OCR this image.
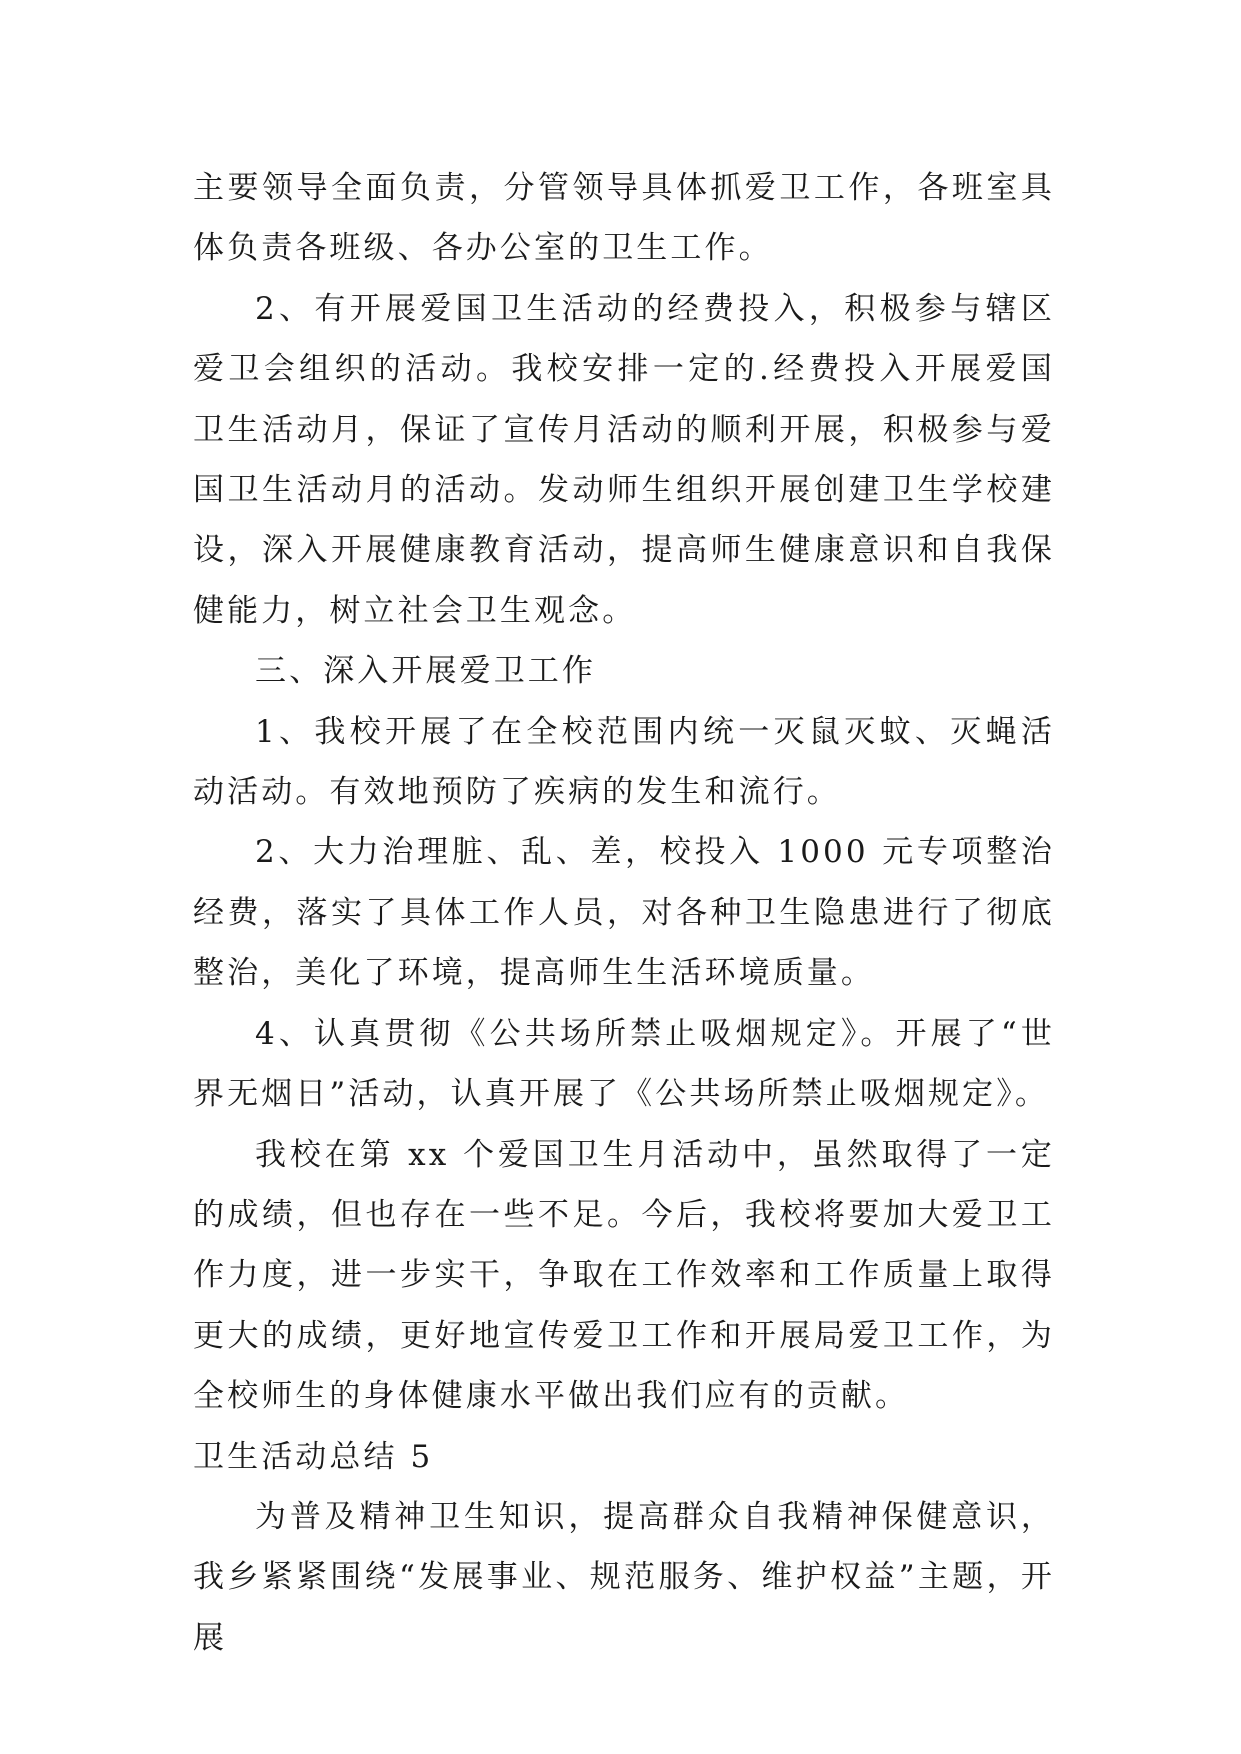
主要领导全面负责，分管领导具体抓爱卫工作，各班室具体负责各班级、各办公室的卫生工作。

2、有开展爱国卫生活动的经费投入，积极参与辖区爱卫会组织的活动。我校安排一定的.经费投入开展爱国卫生活动月，保证了宣传月活动的顺利开展，积极参与爱国卫生活动月的活动。发动师生组织开展创建卫生学校建设，深入开展健康教育活动，提高师生健康意识和自我保健能力，树立社会卫生观念。

三、深入开展爱卫工作

1、我校开展了在全校范围内统一灭鼠灭蚊、灭蝇活动活动。有效地预防了疾病的发生和流行。

2、大力治理脏、乱、差，校投入 1000 元专项整治经费，落实了具体工作人员，对各种卫生隐患进行了彻底整治，美化了环境，提高师生生活环境质量。

4、认真贯彻《公共场所禁止吸烟规定》。开展了“世界无烟日”活动，认真开展了《公共场所禁止吸烟规定》。

我校在第 xx 个爱国卫生月活动中，虽然取得了一定的成绩，但也存在一些不足。今后，我校将要加大爱卫工作力度，进一步实干，争取在工作效率和工作质量上取得更大的成绩，更好地宣传爱卫工作和开展局爱卫工作，为全校师生的身体健康水平做出我们应有的贡献。

卫生活动总结 5

为普及精神卫生知识，提高群众自我精神保健意识，我乡紧紧围绕“发展事业、规范服务、维护权益”主题，开展
